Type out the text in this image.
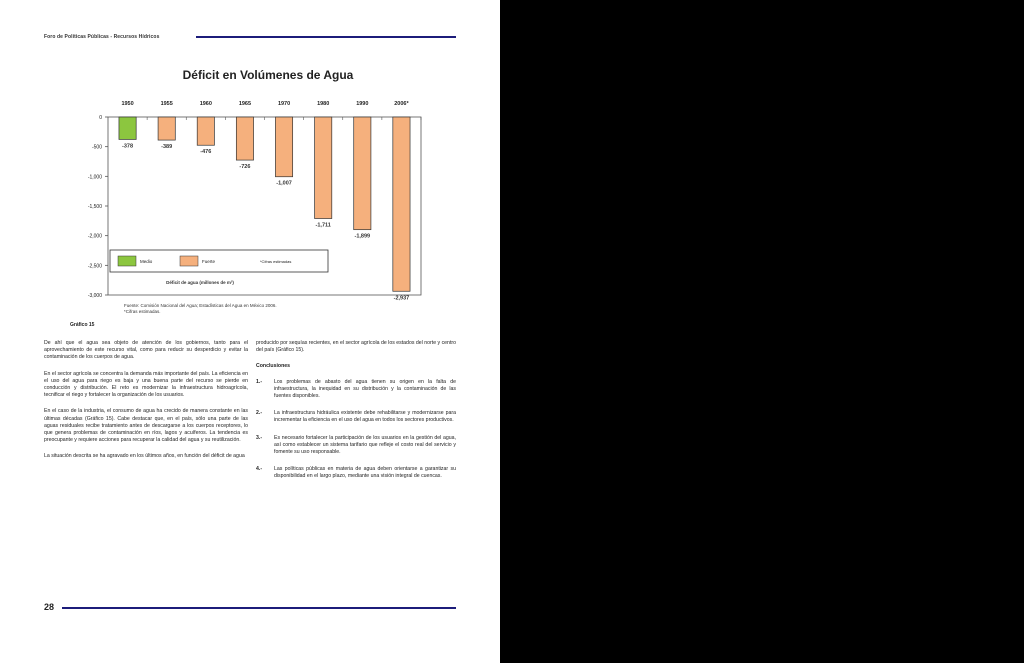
Foro de Políticas Públicas - Recursos Hídricos
Déficit en Volúmenes de Agua
0
-500
-1,000
-1,500
-2,000
-2,500
-3,000
1950
-378
1955
-389
1960
-476
1965
-726
1970
-1,007
1980
-1,711
1990
-1,899
2006*
-2,937
Medio	Fuerte	*Cifras estimadas
Déficit de agua (millones de m³)
Fuente: Comisión Nacional del Agua; Estadísticas del Agua en México 2006.
*Cifras estimadas.
Gráfico 15

De ahí que el agua sea objeto de atención de los gobiernos, tanto para el aprovechamiento de este recurso vital, como para reducir su desperdicio y evitar la contaminación de los cuerpos de agua.

En el sector agrícola se concentra la demanda más importante del país. La eficiencia en el uso del agua para riego es baja y una buena parte del recurso se pierde en conducción y distribución. El reto es modernizar la infraestructura hidroagrícola, tecnificar el riego y fortalecer la organización de los usuarios.

En el caso de la industria, el consumo de agua ha crecido de manera constante en las últimas décadas (Gráfico 15). Cabe destacar que, en el país, sólo una parte de las aguas residuales recibe tratamiento antes de descargarse a los cuerpos receptores, lo que genera problemas de contaminación en ríos, lagos y acuíferos. La tendencia es preocupante y requiere acciones para recuperar la calidad del agua y su reutilización.

La situación descrita se ha agravado en los últimos años, en función del déficit de agua

producido por sequías recientes, en el sector agrícola de los estados del norte y centro del país (Gráfico 15).

Conclusiones
1.-	Los problemas de abasto del agua tienen su origen en la falta de infraestructura, la inequidad en su distribución y la contaminación de las fuentes disponibles.
2.-	La infraestructura hidráulica existente debe rehabilitarse y modernizarse para incrementar la eficiencia en el uso del agua en todos los sectores productivos.
3.-	Es necesario fortalecer la participación de los usuarios en la gestión del agua, así como establecer un sistema tarifario que refleje el costo real del servicio y fomente su uso responsable.
4.-	Las políticas públicas en materia de agua deben orientarse a garantizar su disponibilidad en el largo plazo, mediante una visión integral de cuencas.
28
